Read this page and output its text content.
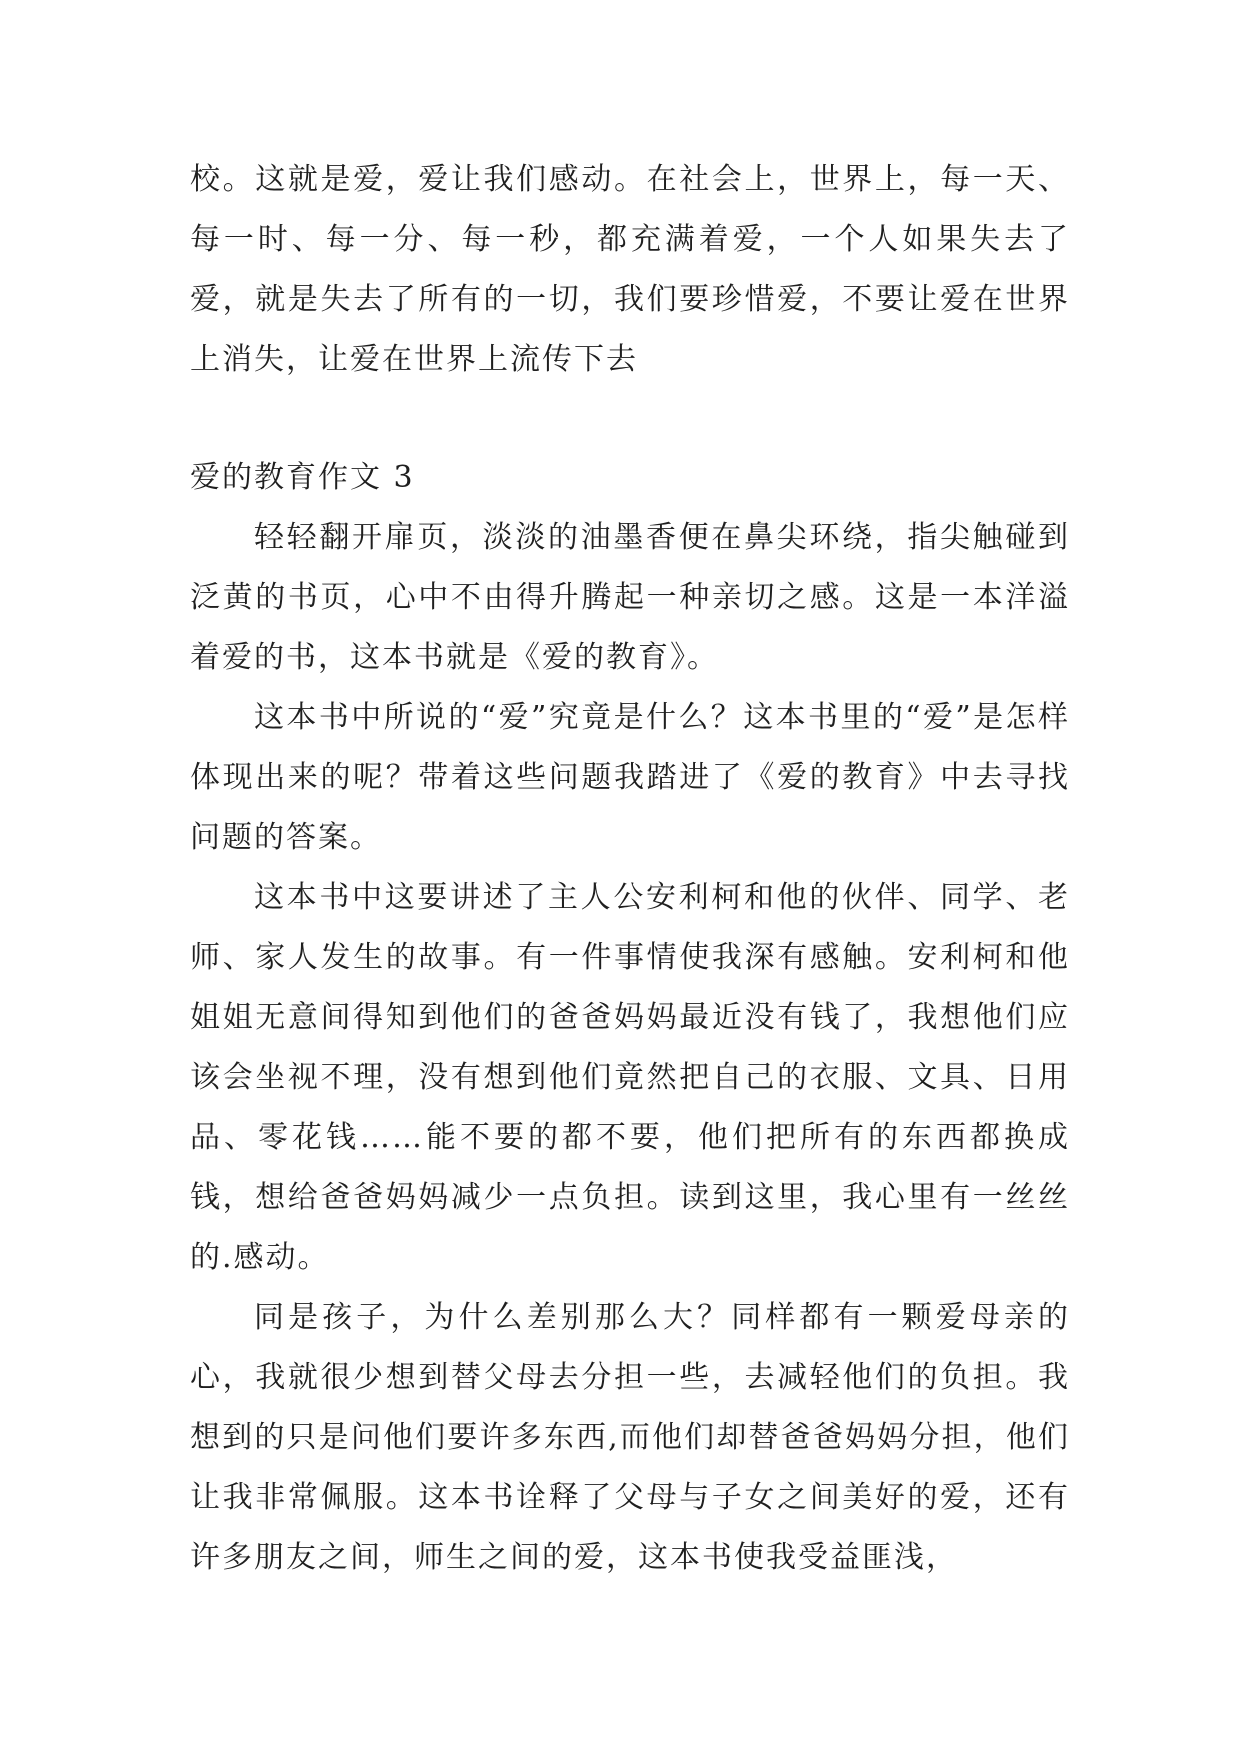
校。这就是爱，爱让我们感动。在社会上，世界上，每一天、每一时、每一分、每一秒，都充满着爱，一个人如果失去了爱，就是失去了所有的一切，我们要珍惜爱，不要让爱在世界上消失，让爱在世界上流传下去

爱的教育作文 3

轻轻翻开扉页，淡淡的油墨香便在鼻尖环绕，指尖触碰到泛黄的书页，心中不由得升腾起一种亲切之感。这是一本洋溢着爱的书，这本书就是《爱的教育》。

这本书中所说的“爱”究竟是什么？这本书里的“爱”是怎样体现出来的呢？带着这些问题我踏进了《爱的教育》中去寻找问题的答案。

这本书中这要讲述了主人公安利柯和他的伙伴、同学、老师、家人发生的故事。有一件事情使我深有感触。安利柯和他姐姐无意间得知到他们的爸爸妈妈最近没有钱了，我想他们应该会坐视不理，没有想到他们竟然把自己的衣服、文具、日用品、零花钱……能不要的都不要，他们把所有的东西都换成钱，想给爸爸妈妈减少一点负担。读到这里，我心里有一丝丝的.感动。

同是孩子，为什么差别那么大？同样都有一颗爱母亲的心，我就很少想到替父母去分担一些，去减轻他们的负担。我想到的只是问他们要许多东西,而他们却替爸爸妈妈分担，他们让我非常佩服。这本书诠释了父母与子女之间美好的爱，还有许多朋友之间，师生之间的爱，这本书使我受益匪浅，
